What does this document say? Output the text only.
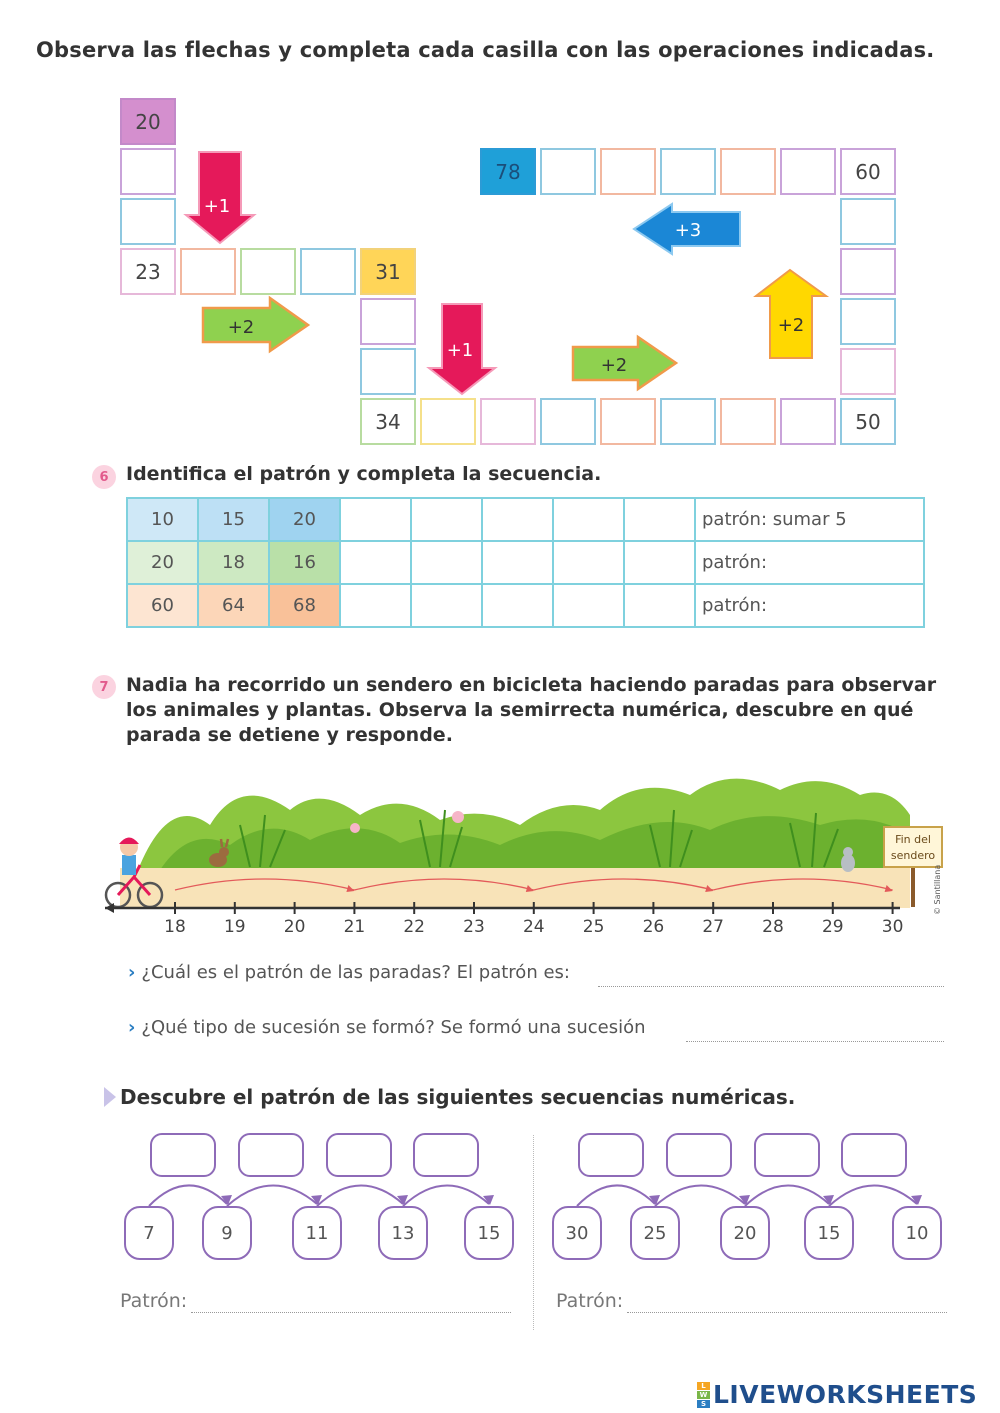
Observa las flechas y completa cada casilla con las operaciones indicadas.
20
23	31
34	50
60
78
+1
+2
+1
+2
+2
+3
6 Identifica el patrón y completa la secuencia.
10	15	20						patrón: sumar 5
20	18	16						patrón:
60	64	68						patrón:
7 Nadia ha recorrido un sendero en bicicleta haciendo paradas para observar
los animales y plantas. Observa la semirrecta numérica, descubre en qué
parada se detiene y responde.
Fin del
sendero
© Santillana
18 19 20 21 22 23 24 25 26 27 28 29 30
› ¿Cuál es el patrón de las paradas? El patrón es:
› ¿Qué tipo de sucesión se formó? Se formó una sucesión
Descubre el patrón de las siguientes secuencias numéricas.
7	9	11	13	15	30	25	20	15	10
Patrón:	Patrón:
L
W
S LIVEWORKSHEETS
